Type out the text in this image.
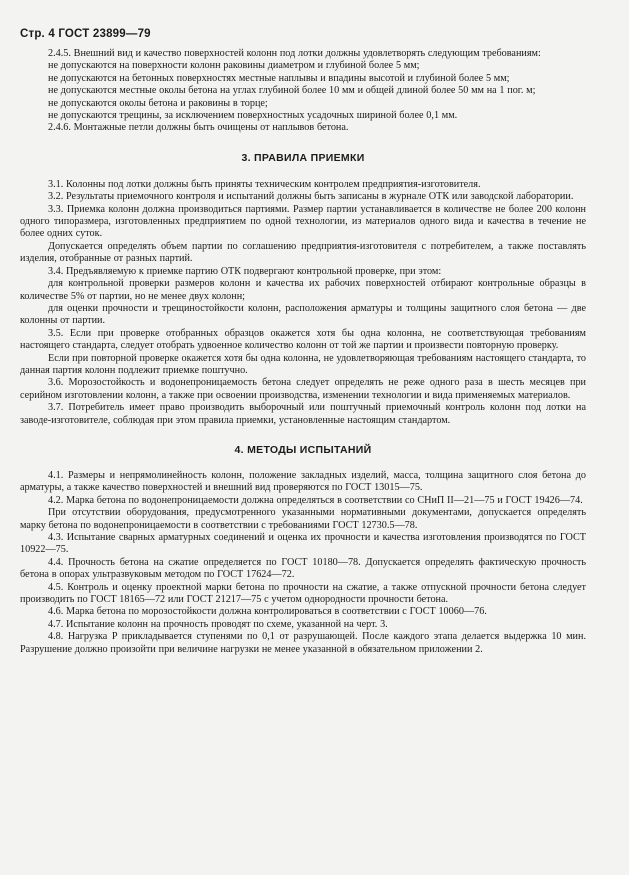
Стр. 4 ГОСТ 23899—79

2.4.5. Внешний вид и качество поверхностей колонн под лотки должны удовлетворять следующим требованиям:

не допускаются на поверхности колонн раковины диаметром и глубиной более 5 мм;

не допускаются на бетонных поверхностях местные наплывы и впадины высотой и глубиной более 5 мм;

не допускаются местные околы бетона на углах глубиной более 10 мм и общей длиной более 50 мм на 1 пог. м;

не допускаются околы бетона и раковины в торце;

не допускаются трещины, за исключением поверхностных усадочных шириной более 0,1 мм.

2.4.6. Монтажные петли должны быть очищены от наплывов бетона.

3. ПРАВИЛА ПРИЕМКИ

3.1. Колонны под лотки должны быть приняты техническим контролем предприятия-изготовителя.

3.2. Результаты приемочного контроля и испытаний должны быть записаны в журнале ОТК или заводской лаборатории.

3.3. Приемка колонн должна производиться партиями. Размер партии устанавливается в количестве не более 200 колонн одного типоразмера, изготовленных предприятием по одной технологии, из материалов одного вида и качества в течение не более одних суток.

Допускается определять объем партии по соглашению предприятия-изготовителя с потребителем, а также поставлять изделия, отобранные от разных партий.

3.4. Предъявляемую к приемке партию ОТК подвергают контрольной проверке, при этом:

для контрольной проверки размеров колонн и качества их рабочих поверхностей отбирают контрольные образцы в количестве 5% от партии, но не менее двух колонн;

для оценки прочности и трещиностойкости колонн, расположения арматуры и толщины защитного слоя бетона — две колонны от партии.

3.5. Если при проверке отобранных образцов окажется хотя бы одна колонна, не соответствующая требованиям настоящего стандарта, следует отобрать удвоенное количество колонн от той же партии и произвести повторную проверку.

Если при повторной проверке окажется хотя бы одна колонна, не удовлетворяющая требованиям настоящего стандарта, то данная партия колонн подлежит приемке поштучно.

3.6. Морозостойкость и водонепроницаемость бетона следует определять не реже одного раза в шесть месяцев при серийном изготовлении колонн, а также при освоении производства, изменении технологии и вида применяемых материалов.

3.7. Потребитель имеет право производить выборочный или поштучный приемочный контроль колонн под лотки на заводе-изготовителе, соблюдая при этом правила приемки, установленные настоящим стандартом.

4. МЕТОДЫ ИСПЫТАНИЙ

4.1. Размеры и непрямолинейность колонн, положение закладных изделий, масса, толщина защитного слоя бетона до арматуры, а также качество поверхностей и внешний вид проверяются по ГОСТ 13015—75.

4.2. Марка бетона по водонепроницаемости должна определяться в соответствии со СНиП II—21—75 и ГОСТ 19426—74.

При отсутствии оборудования, предусмотренного указанными нормативными документами, допускается определять марку бетона по водонепроницаемости в соответствии с требованиями ГОСТ 12730.5—78.

4.3. Испытание сварных арматурных соединений и оценка их прочности и качества изготовления производятся по ГОСТ 10922—75.

4.4. Прочность бетона на сжатие определяется по ГОСТ 10180—78. Допускается определять фактическую прочность бетона в опорах ультразвуковым методом по ГОСТ 17624—72.

4.5. Контроль и оценку проектной марки бетона по прочности на сжатие, а также отпускной прочности бетона следует производить по ГОСТ 18165—72 или ГОСТ 21217—75 с учетом однородности прочности бетона.

4.6. Марка бетона по морозостойкости должна контролироваться в соответствии с ГОСТ 10060—76.

4.7. Испытание колонн на прочность проводят по схеме, указанной на черт. 3.

4.8. Нагрузка P прикладывается ступенями по 0,1 от разрушающей. После каждого этапа делается выдержка 10 мин. Разрушение должно произойти при величине нагрузки не менее указанной в обязательном приложении 2.
